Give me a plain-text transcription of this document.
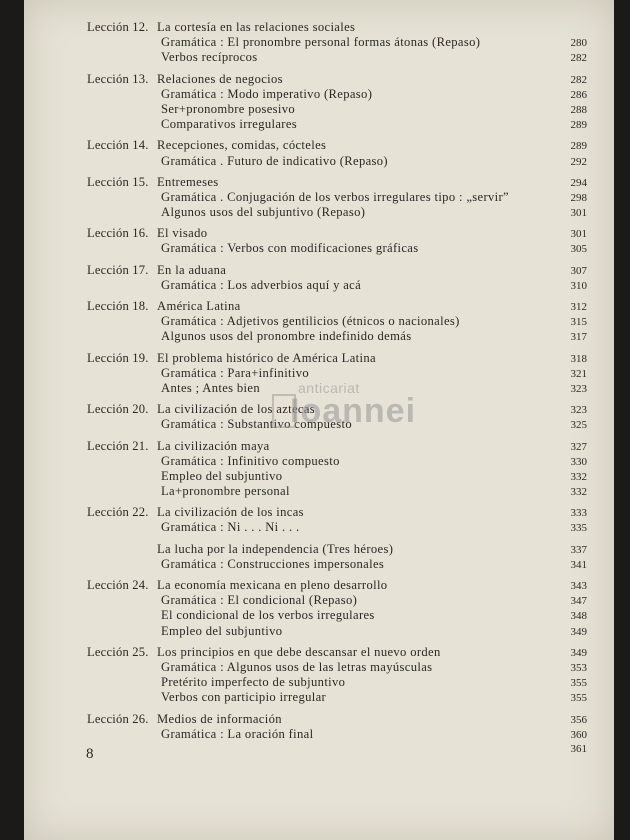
Lección 12. La cortesía en las relaciones sociales
Gramática : El pronombre personal formas átonas (Repaso)	280
Verbos recíprocos	282
Lección 13. Relaciones de negocios	282
Gramática : Modo imperativo (Repaso)	286
Ser+pronombre posesivo	288
Comparativos irregulares	289
Lección 14. Recepciones, comidas, cócteles	289
Gramática . Futuro de indicativo (Repaso)	292
Lección 15. Entremeses	294
Gramática . Conjugación de los verbos irregulares tipo : „servir”	298
Algunos usos del subjuntivo (Repaso)	301
Lección 16. El visado	301
Gramática : Verbos con modificaciones gráficas	305
Lección 17. En la aduana	307
Gramática : Los adverbios aquí y acá	310
Lección 18. América Latina	312
Gramática : Adjetivos gentilicios (étnicos o nacionales)	315
Algunos usos del pronombre indefinido demás	317
Lección 19. El problema histórico de América Latina	318
Gramática : Para+infinitivo	321
Antes ; Antes bien	323
Lección 20. La civilización de los aztecas	323
Gramática : Substantivo compuesto	325
Lección 21. La civilización maya	327
Gramática : Infinitivo compuesto	330
Empleo del subjuntivo	332
La+pronombre personal	332
Lección 22. La civilización de los incas	333
Gramática : Ni . . . Ni . . .	335
La lucha por la independencia (Tres héroes)	337
Gramática : Construcciones impersonales	341
Lección 24. La economía mexicana en pleno desarrollo	343
Gramática : El condicional (Repaso)	347
El condicional de los verbos irregulares	348
Empleo del subjuntivo	349
Lección 25. Los principios en que debe descansar el nuevo orden	349
Gramática : Algunos usos de las letras mayúsculas	353
Pretérito imperfecto de subjuntivo	355
Verbos con participio irregular	355
Lección 26. Medios de información	356
Gramática : La oración final	360
361
anticariat
Ioannei
8
